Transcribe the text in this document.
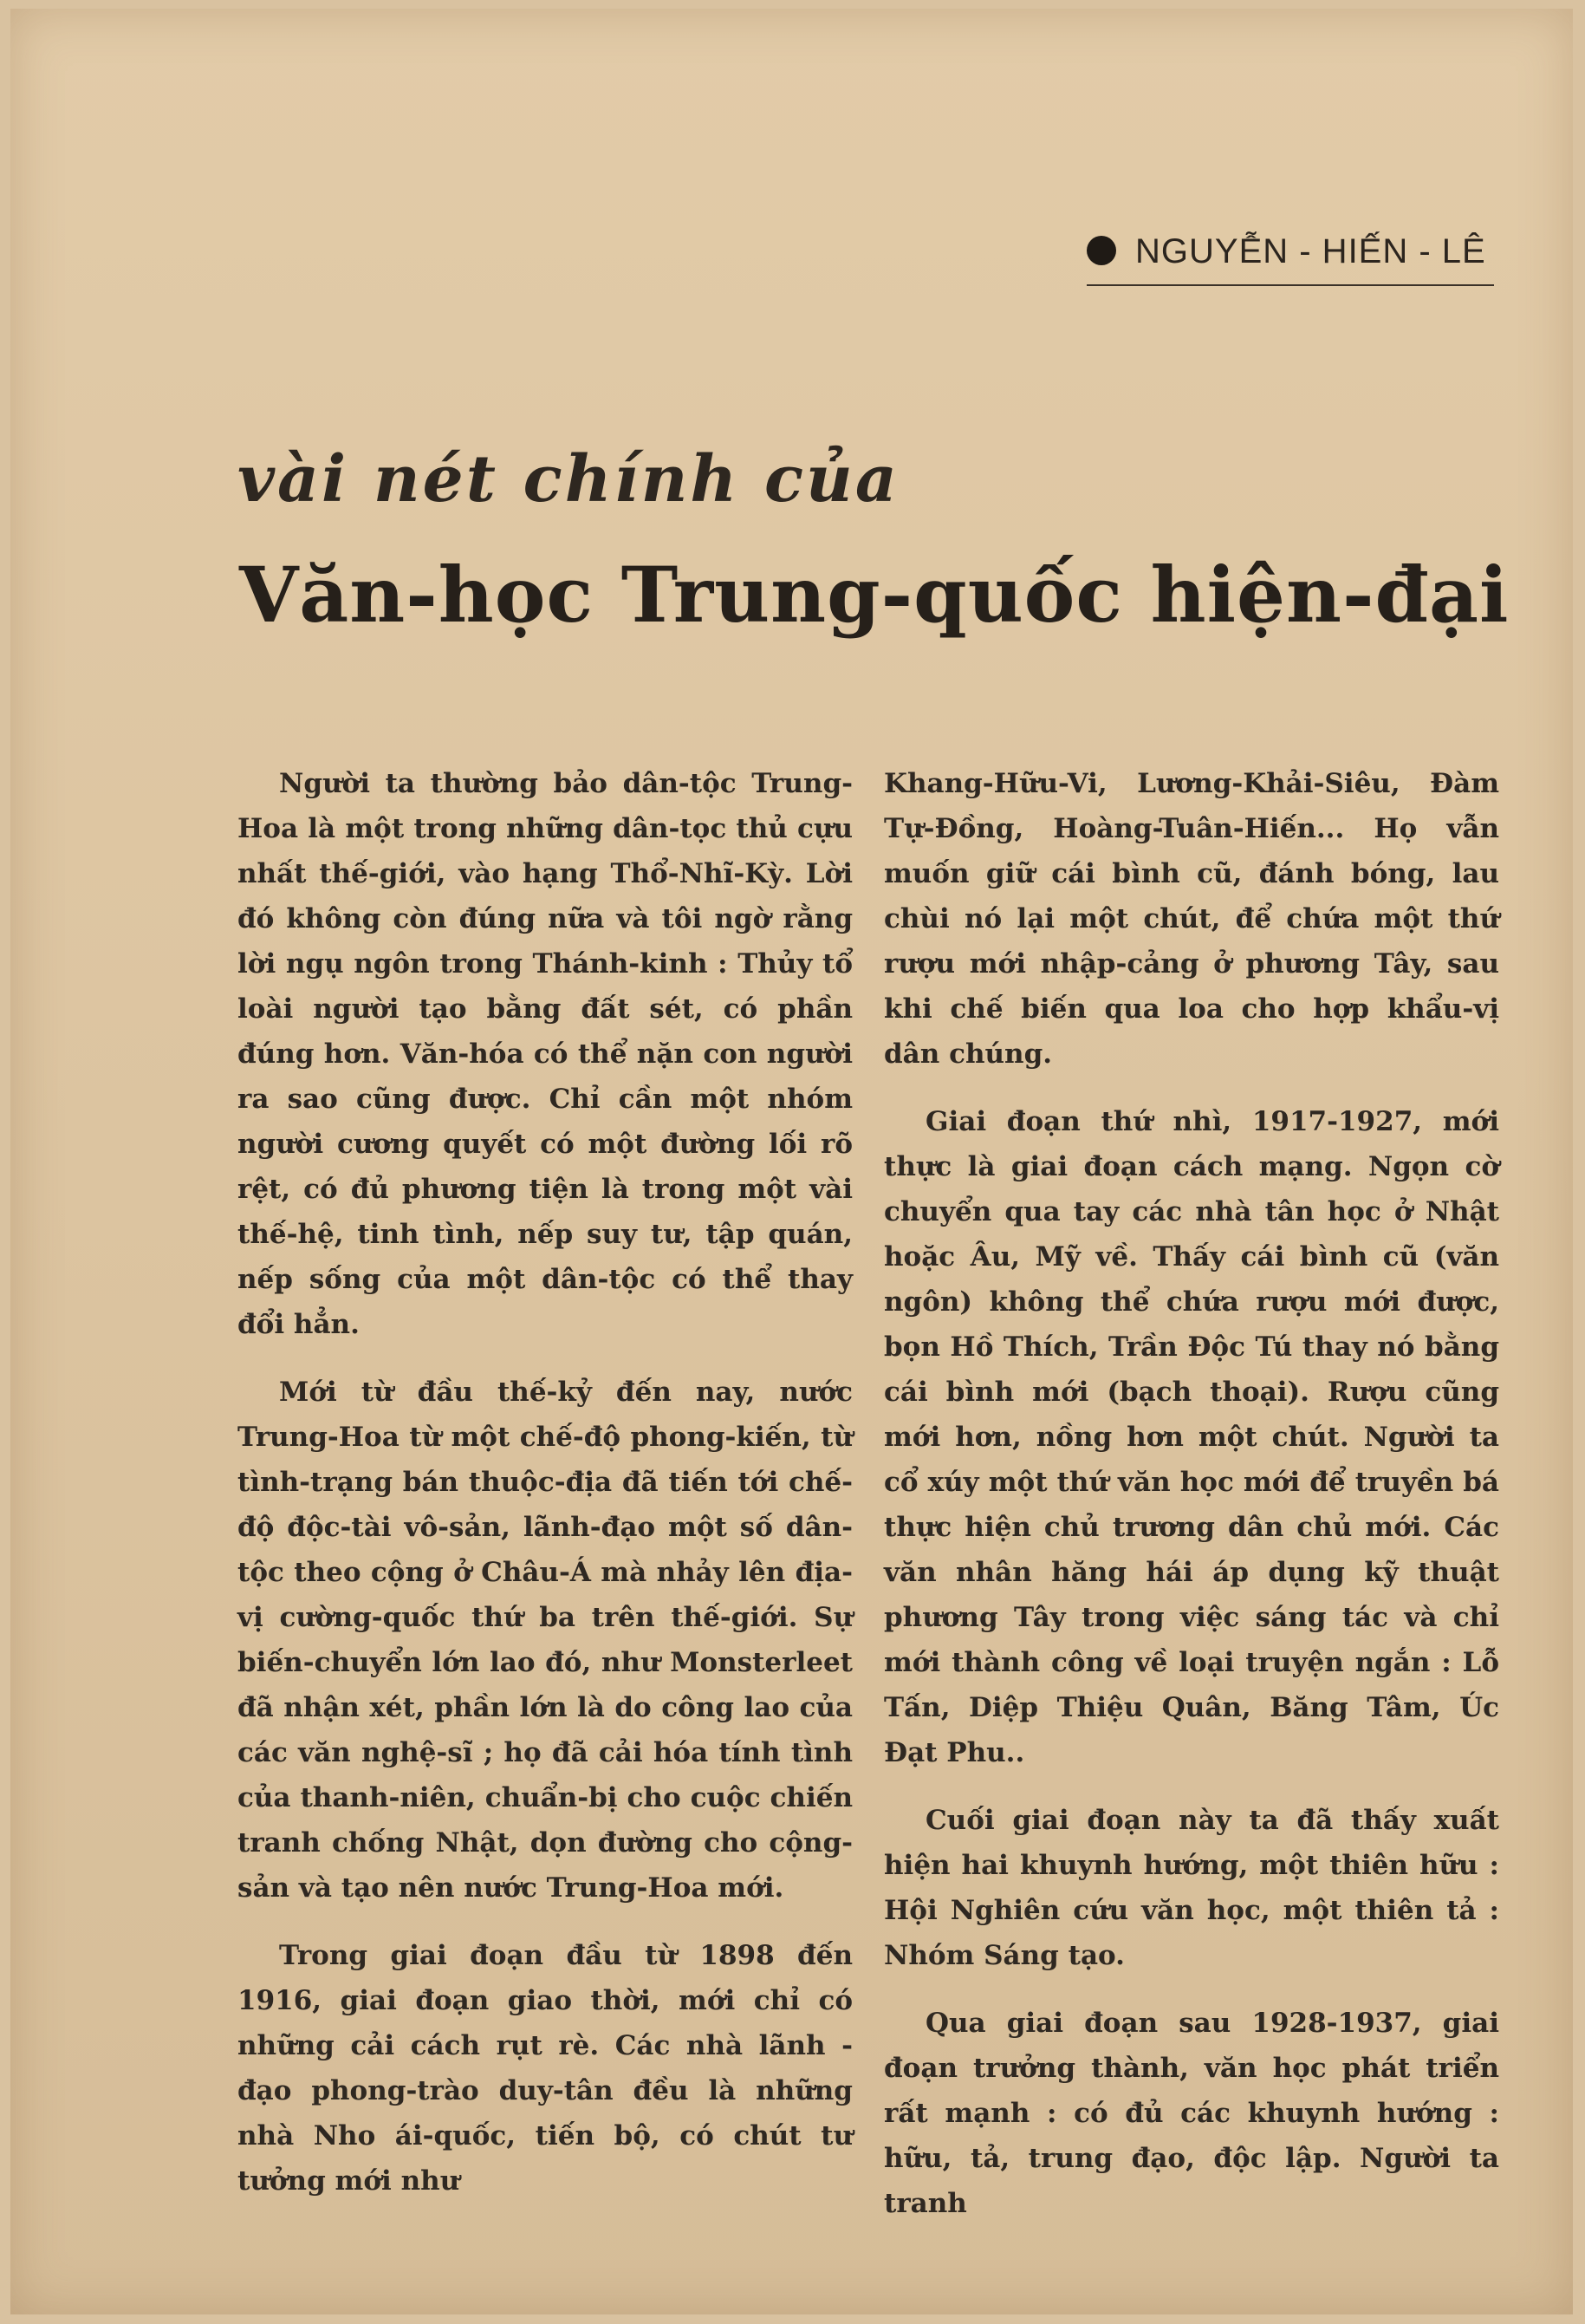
NGUYỄN - HIẾN - LÊ
vài nét chính của
Văn-học Trung-quốc hiện-đại

Người ta thường bảo dân-tộc Trung-Hoa là một trong những dân-tọc thủ cựu nhất thế-giới, vào hạng Thổ-Nhĩ-Kỳ. Lời đó không còn đúng nữa và tôi ngờ rằng lời ngụ ngôn trong Thánh-kinh : Thủy tổ loài người tạo bằng đất sét, có phần đúng hơn. Văn-hóa có thể nặn con người ra sao cũng được. Chỉ cần một nhóm người cương quyết có một đường lối rõ rệt, có đủ phương tiện là trong một vài thế-hệ, tinh tình, nếp suy tư, tập quán, nếp sống của một dân-tộc có thể thay đổi hẳn.

Mới từ đầu thế-kỷ đến nay, nước Trung-Hoa từ một chế-độ phong-kiến, từ tình-trạng bán thuộc-địa đã tiến tới chế-độ độc-tài vô-sản, lãnh-đạo một số dân-tộc theo cộng ở Châu-Á mà nhảy lên địa-vị cường-quốc thứ ba trên thế-giới. Sự biến-chuyển lớn lao đó, như Monsterleet đã nhận xét, phần lớn là do công lao của các văn nghệ-sĩ ; họ đã cải hóa tính tình của thanh-niên, chuẩn-bị cho cuộc chiến tranh chống Nhật, dọn đường cho cộng-sản và tạo nên nước Trung-Hoa mới.

Trong giai đoạn đầu từ 1898 đến 1916, giai đoạn giao thời, mới chỉ có những cải cách rụt rè. Các nhà lãnh - đạo phong-trào duy-tân đều là những nhà Nho ái-quốc, tiến bộ, có chút tư tưởng mới như

Khang-Hữu-Vi, Lương-Khải-Siêu, Đàm Tự-Đồng, Hoàng-Tuân-Hiến... Họ vẫn muốn giữ cái bình cũ, đánh bóng, lau chùi nó lại một chút, để chứa một thứ rượu mới nhập-cảng ở phương Tây, sau khi chế biến qua loa cho hợp khẩu-vị dân chúng.

Giai đoạn thứ nhì, 1917-1927, mới thực là giai đoạn cách mạng. Ngọn cờ chuyển qua tay các nhà tân học ở Nhật hoặc Âu, Mỹ về. Thấy cái bình cũ (văn ngôn) không thể chứa rượu mới được, bọn Hồ Thích, Trần Độc Tú thay nó bằng cái bình mới (bạch thoại). Rượu cũng mới hơn, nồng hơn một chút. Người ta cổ xúy một thứ văn học mới để truyền bá thực hiện chủ trương dân chủ mới. Các văn nhân hăng hái áp dụng kỹ thuật phương Tây trong việc sáng tác và chỉ mới thành công về loại truyện ngắn : Lỗ Tấn, Diệp Thiệu Quân, Băng Tâm, Úc Đạt Phu..

Cuối giai đoạn này ta đã thấy xuất hiện hai khuynh hướng, một thiên hữu : Hội Nghiên cứu văn học, một thiên tả : Nhóm Sáng tạo.

Qua giai đoạn sau 1928-1937, giai đoạn trưởng thành, văn học phát triển rất mạnh : có đủ các khuynh hướng : hữu, tả, trung đạo, độc lập. Người ta tranh
